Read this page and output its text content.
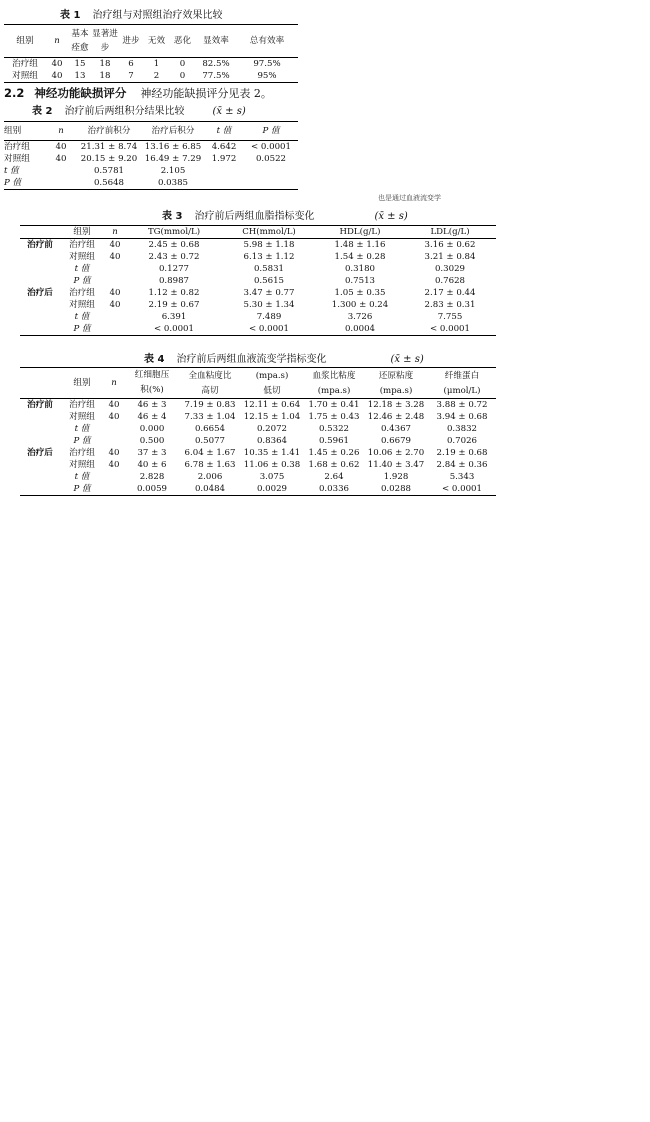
表 1 治疗组与对照组治疗效果比较
组别	n	基本痊愈	显著进步	进步	无效	恶化	显效率	总有效率
治疗组	40	15	18	6	1	0	82.5%	97.5%
对照组	40	13	18	7	2	0	77.5%	95%
2.2 神经功能缺损评分 神经功能缺损评分见表 2。
表 2 治疗前后两组积分结果比较	(x̄ ± s)
组别	n	治疗前积分	治疗后积分	t 值	P 值
治疗组	40	21.31 ± 8.74	13.16 ± 6.85	4.642	< 0.0001
对照组	40	20.15 ± 9.20	16.49 ± 7.29	1.972	0.0522
t 值		0.5781	2.105		
P 值		0.5648	0.0385		
也是通过血液流变学
表 3 治疗前后两组血脂指标变化	(x̄ ± s)
	组别	n	TG(mmol/L)	CH(mmol/L)	HDL(g/L)	LDL(g/L)
治疗前	治疗组	40	2.45 ± 0.68	5.98 ± 1.18	1.48 ± 1.16	3.16 ± 0.62
	对照组	40	2.43 ± 0.72	6.13 ± 1.12	1.54 ± 0.28	3.21 ± 0.84
	t 值		0.1277	0.5831	0.3180	0.3029
	P 值		0.8987	0.5615	0.7513	0.7628
治疗后	治疗组	40	1.12 ± 0.82	3.47 ± 0.77	1.05 ± 0.35	2.17 ± 0.44
	对照组	40	2.19 ± 0.67	5.30 ± 1.34	1.300 ± 0.24	2.83 ± 0.31
	t 值		6.391	7.489	3.726	7.755
	P 值		< 0.0001	< 0.0001	0.0004	< 0.0001
表 4 治疗前后两组血液流变学指标变化	(x̄ ± s)
	组别	n	红细胞压	全血粘度比	(mpa.s)	血浆比粘度	还原粘度	纤维蛋白
			积(%)	高切	低切	(mpa.s)	(mpa.s)	(μmol/L)
治疗前	治疗组	40	46 ± 3	7.19 ± 0.83	12.11 ± 0.64	1.70 ± 0.41	12.18 ± 3.28	3.88 ± 0.72
	对照组	40	46 ± 4	7.33 ± 1.04	12.15 ± 1.04	1.75 ± 0.43	12.46 ± 2.48	3.94 ± 0.68
	t 值		0.000	0.6654	0.2072	0.5322	0.4367	0.3832
	P 值		0.500	0.5077	0.8364	0.5961	0.6679	0.7026
治疗后	治疗组	40	37 ± 3	6.04 ± 1.67	10.35 ± 1.41	1.45 ± 0.26	10.06 ± 2.70	2.19 ± 0.68
	对照组	40	40 ± 6	6.78 ± 1.63	11.06 ± 0.38	1.68 ± 0.62	11.40 ± 3.47	2.84 ± 0.36
	t 值		2.828	2.006	3.075	2.64	1.928	5.343
	P 值		0.0059	0.0484	0.0029	0.0336	0.0288	< 0.0001
